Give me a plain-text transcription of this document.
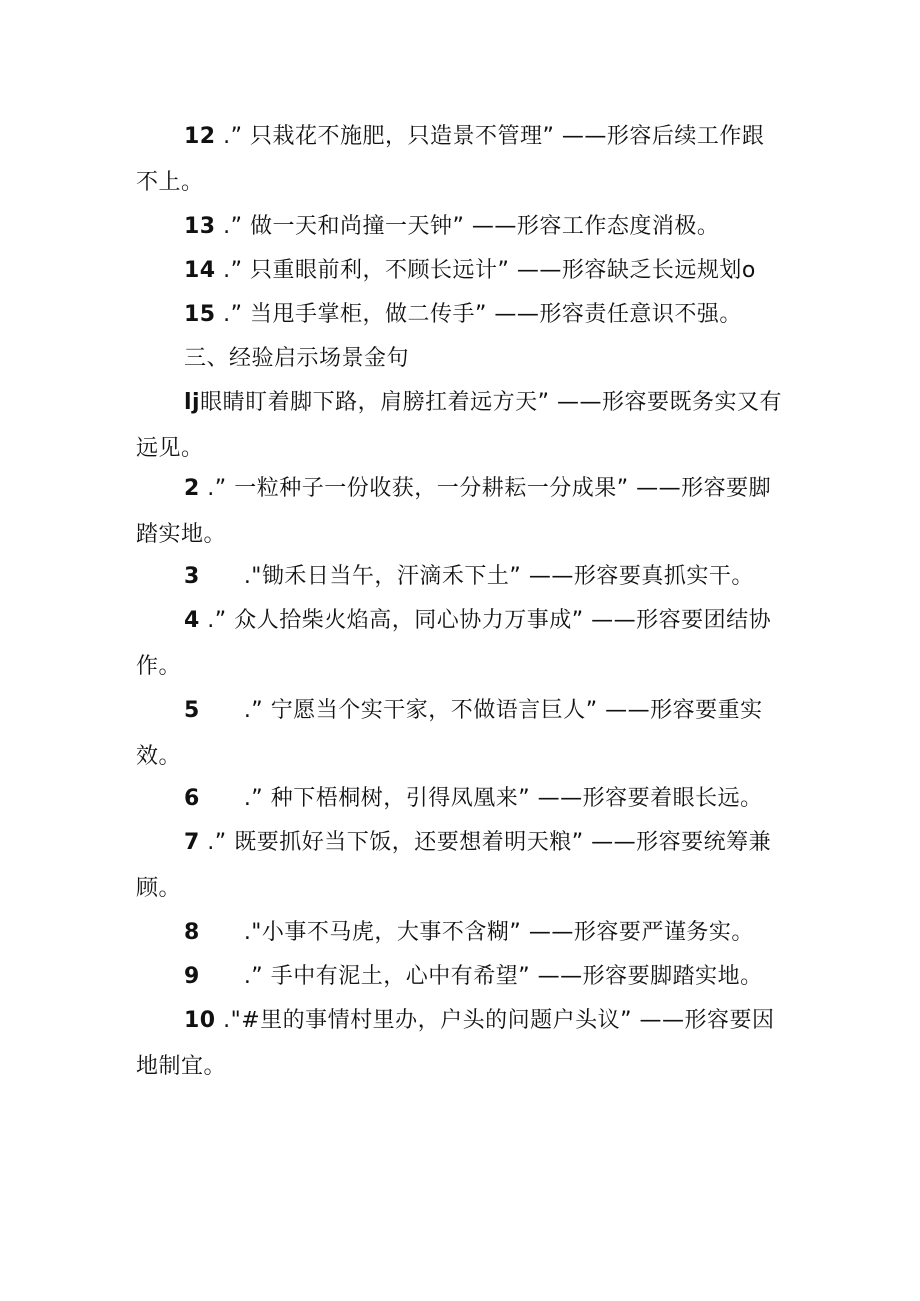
12 .” 只栽花不施肥，只造景不管理” ——形容后续工作跟
不上。

13 .” 做一天和尚撞一天钟” ——形容工作态度消极。

14 .” 只重眼前利，不顾长远计” ——形容缺乏长远规划o

15 .” 当甩手掌柜，做二传手” ——形容责任意识不强。

三、经验启示场景金句

lj眼睛盯着脚下路，肩膀扛着远方天” ——形容要既务实又有
远见。

2 .” 一粒种子一份收获，一分耕耘一分成果” ——形容要脚
踏实地。

3 ."锄禾日当午，汗滴禾下土” ——形容要真抓实干。

4 .” 众人拾柴火焰高，同心协力万事成” ——形容要团结协
作。

5 .” 宁愿当个实干家，不做语言巨人” ——形容要重实
效。

6 .” 种下梧桐树，引得凤凰来” ——形容要着眼长远。

7 .” 既要抓好当下饭，还要想着明天粮” ——形容要统筹兼
顾。

8 ."小事不马虎，大事不含糊” ——形容要严谨务实。

9 .” 手中有泥土，心中有希望” ——形容要脚踏实地。

10 ."#里的事情村里办，户头的问题户头议” ——形容要因
地制宜。
